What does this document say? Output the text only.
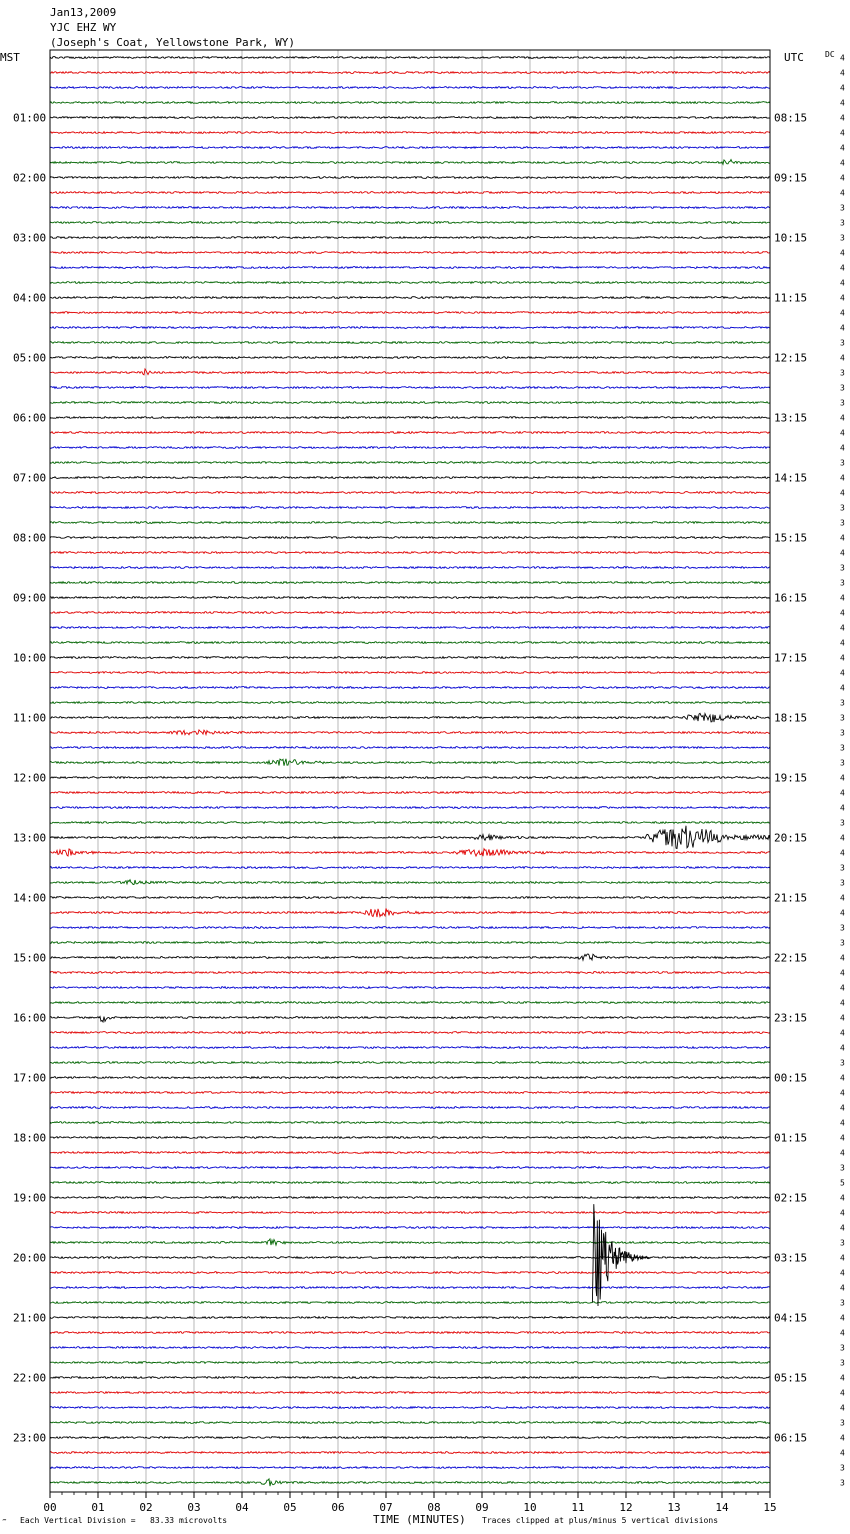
Jan13,2009
YJC EHZ WY
(Joseph's Coat, Yellowstone Park, WY)
MST	UTC	DC
01:00
02:00
03:00
04:00
05:00
06:00
07:00
08:00
09:00
10:00
11:00
12:00
13:00
14:00
15:00
16:00
17:00
18:00
19:00
20:00
21:00
22:00
23:00
08:15
09:15
10:15
11:15
12:15
13:15
14:15
15:15
16:15
17:15
18:15
19:15
20:15
21:15
22:15
23:15
00:15
01:15
02:15
03:15
04:15
05:15
06:15
4
4
4
4
4
4
4
4
4
4
3
3
3
4
4
4
4
4
4
3
4
3
3
3
4
4
4
3
4
4
3
3
4
4
3
3
4
4
4
4
4
4
4
3
3
3
3
3
4
4
4
3
4
4
3
3
4
4
3
3
4
4
4
4
4
4
4
3
4
4
4
4
4
4
3
5
4
4
4
3
4
4
4
3
4
4
3
3
4
4
4
3
4
4
3
3
00	01	02	03	04	05	06	07	08	09	10	11	12	13	14	15
TIME (MINUTES)
‴ Each Vertical Division =   83.33 microvolts	Traces clipped at plus/minus 5 vertical divisions
